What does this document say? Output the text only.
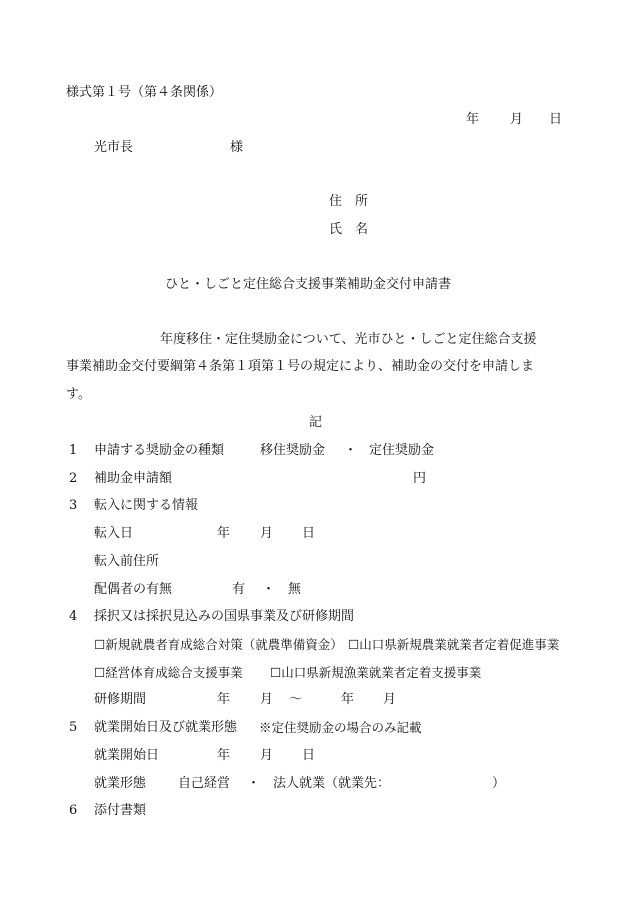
様式第１号（第４条関係）
年 月 日
光市長	様
住　所
氏　名
ひと・しごと定住総合支援事業補助金交付申請書
年度移住・定住奨励金について、光市ひと・しごと定住総合支援
事業補助金交付要綱第４条第１項第１号の規定により、補助金の交付を申請しま
す。
記
1 申請する奨励金の種類	移住奨励金 ・ 定住奨励金
2 補助金申請額	円
3 転入に関する情報
転入日	年 月 日
転入前住所
配偶者の有無	有 ・ 無
4 採択又は採択見込みの国県事業及び研修期間
☐新規就農者育成総合対策（就農準備資金） ☐山口県新規農業就業者定着促進事業
☐経営体育成総合支援事業 ☐山口県新規漁業就業者定着支援事業
研修期間	年 月 ～	年 月
5 就業開始日及び就業形態 ※定住奨励金の場合のみ記載
就業開始日	年 月 日
就業形態 自己経営 ・ 法人就業（就業先：	）
6 添付書類
